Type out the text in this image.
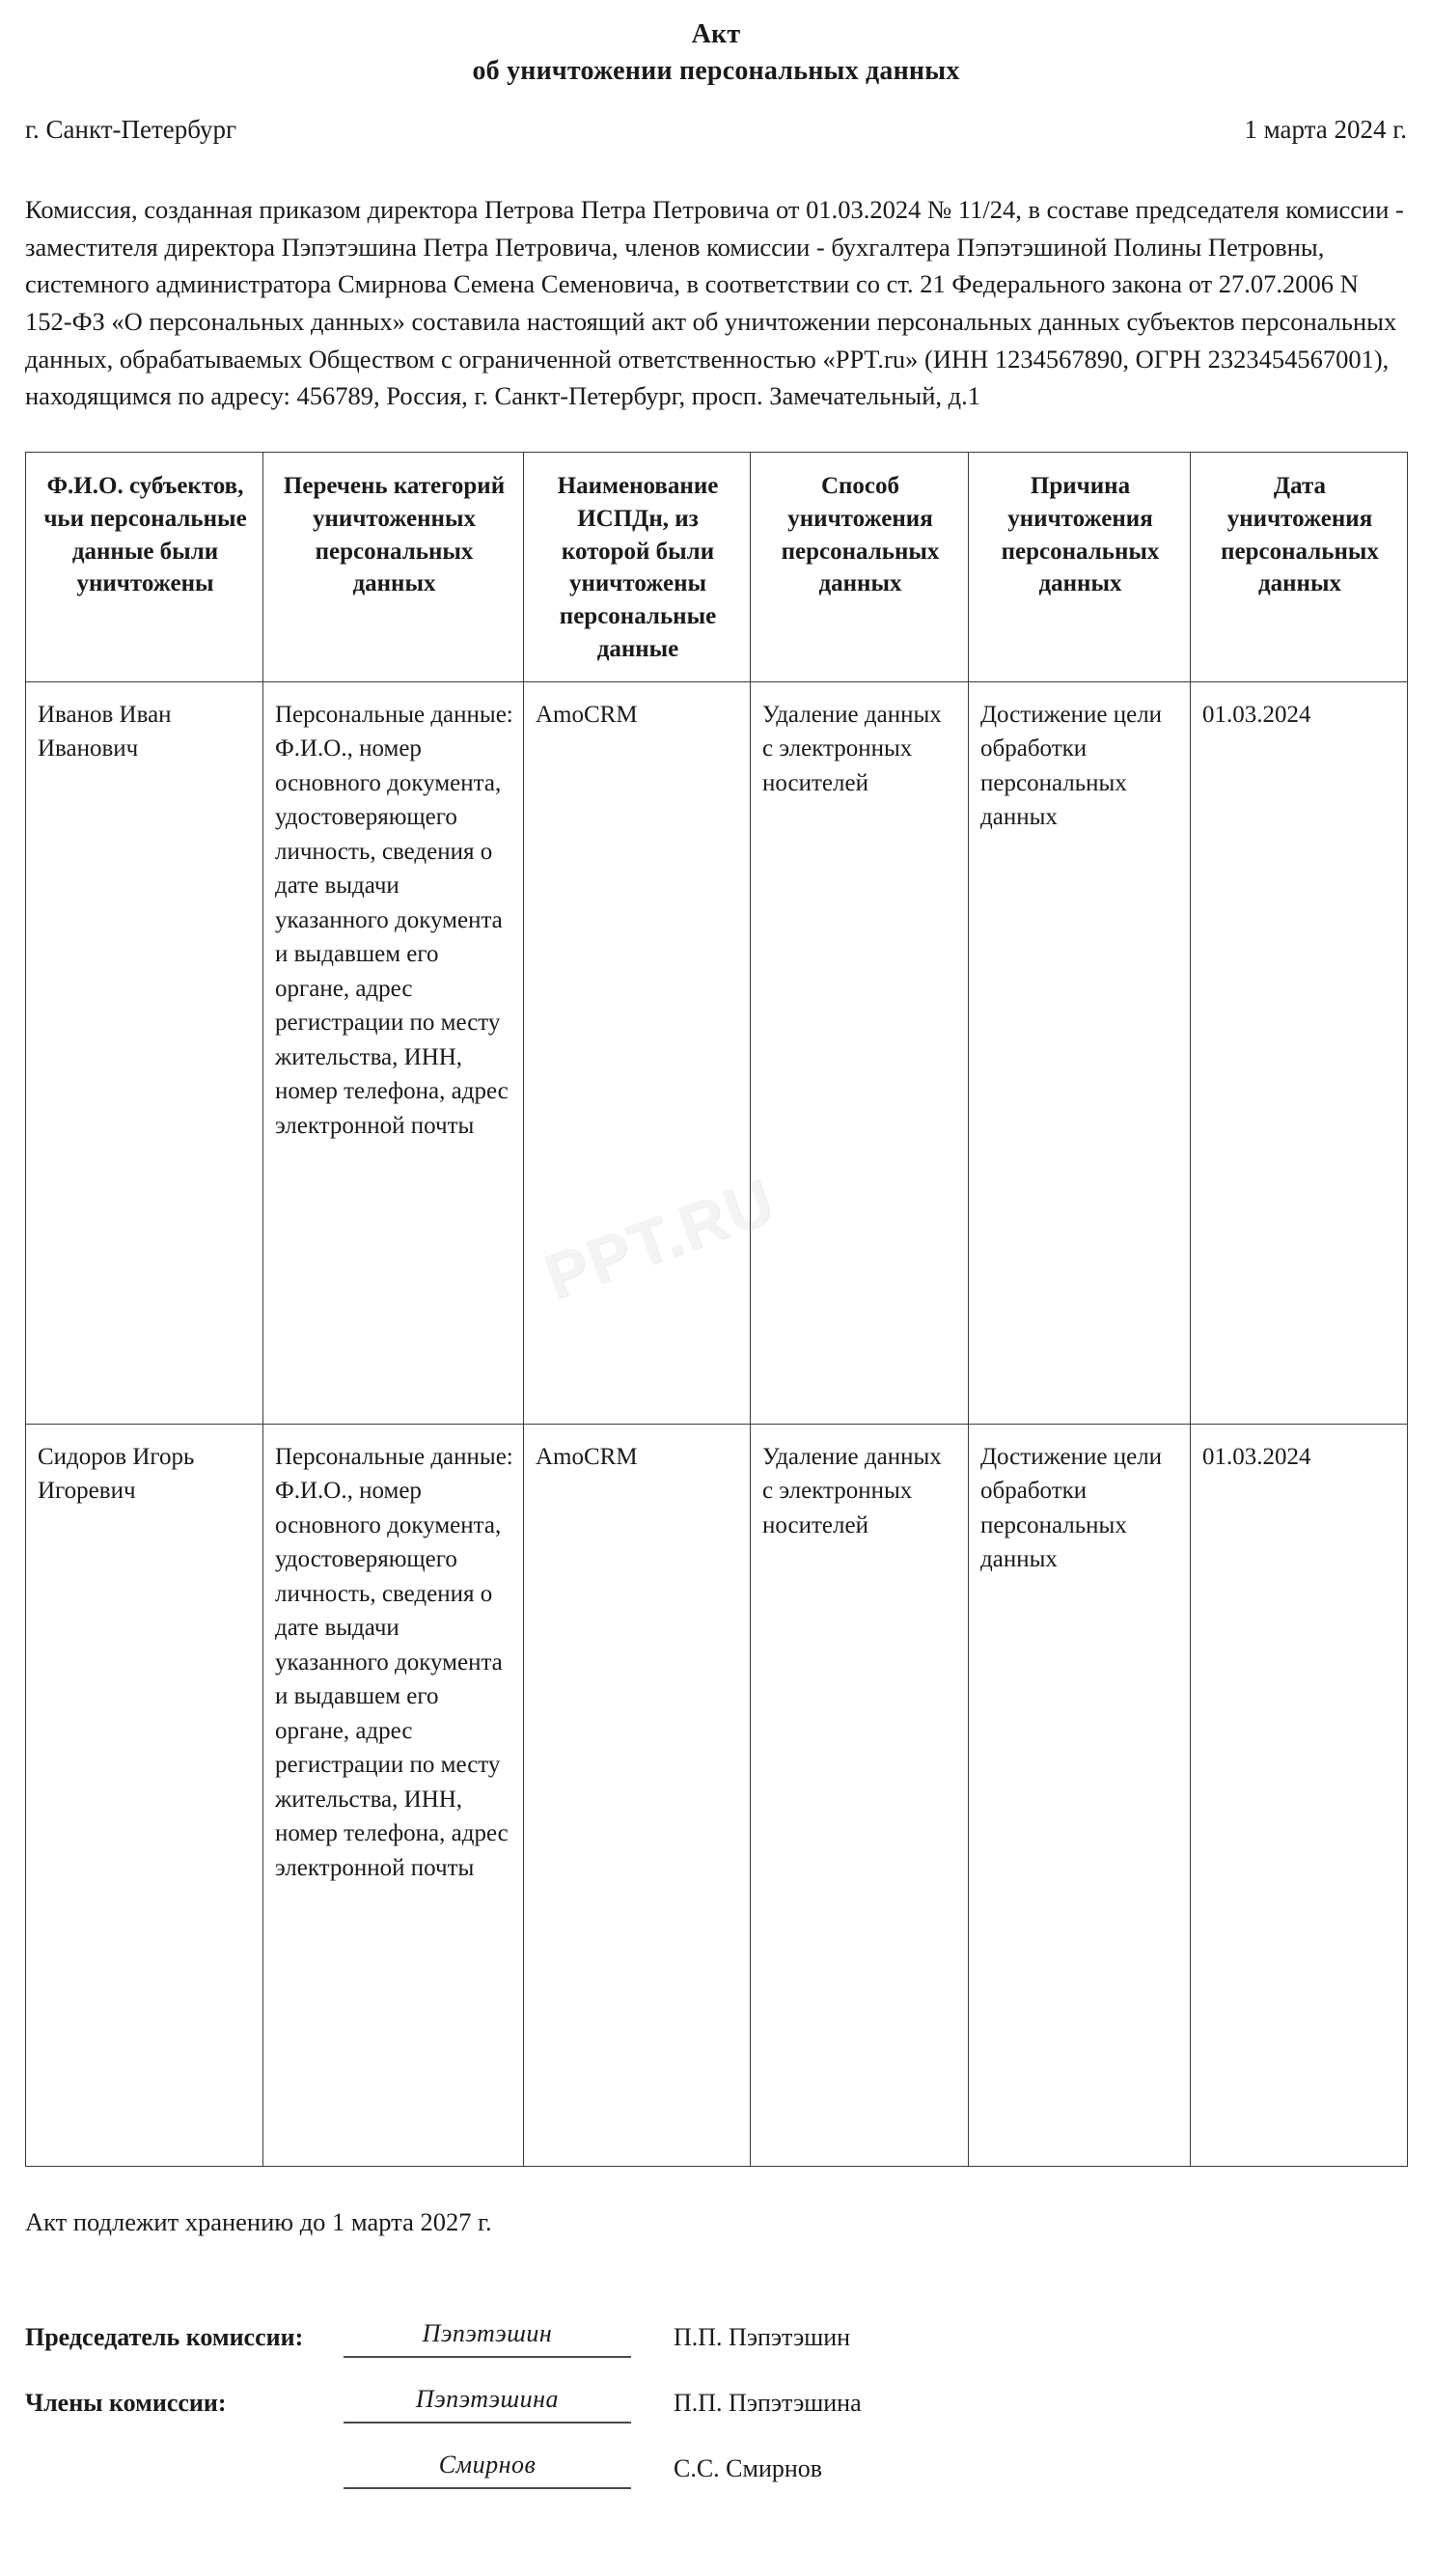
PPT.RU
Акт
об уничтожении персональных данных
г. Санкт-Петербург	1 марта 2024 г.

Комиссия, созданная приказом директора Петрова Петра Петровича от 01.03.2024 № 11/24, в составе председателя комиссии - заместителя директора Пэпэтэшина Петра Петровича, членов комиссии - бухгалтера Пэпэтэшиной Полины Петровны, системного администратора Смирнова Семена Семеновича, в соответствии со ст. 21 Федерального закона от 27.07.2006 N 152-ФЗ «О персональных данных» составила настоящий акт об уничтожении персональных данных субъектов персональных данных, обрабатываемых Обществом с ограниченной ответственностью «PPT.ru» (ИНН 1234567890, ОГРН 2323454567001), находящимся по адресу: 456789, Россия, г. Санкт-Петербург, просп. Замечательный, д.1

Ф.И.О. субъектов, чьи персональные данные были уничтожены	Перечень категорий уничтоженных персональных данных	Наименование ИСПДн, из которой были уничтожены персональные данные	Способ уничтожения персональных данных	Причина уничтожения персональных данных	Дата уничтожения персональных данных
Иванов Иван Иванович	Персональные данные: Ф.И.О., номер основного документа, удостоверяющего личность, сведения о дате выдачи указанного документа и выдавшем его органе, адрес регистрации по месту жительства, ИНН, номер телефона, адрес электронной почты	AmoCRM	Удаление данных с электронных носителей	Достижение цели обработки персональных данных	01.03.2024
Сидоров Игорь Игоревич	Персональные данные: Ф.И.О., номер основного документа, удостоверяющего личность, сведения о дате выдачи указанного документа и выдавшем его органе, адрес регистрации по месту жительства, ИНН, номер телефона, адрес электронной почты	AmoCRM	Удаление данных с электронных носителей	Достижение цели обработки персональных данных	01.03.2024

Акт подлежит хранению до 1 марта 2027 г.

Председатель комиссии:	Пэпэтэшин	П.П. Пэпэтэшин
Члены комиссии:	Пэпэтэшина	П.П. Пэпэтэшина
Смирнов	С.С. Смирнов
